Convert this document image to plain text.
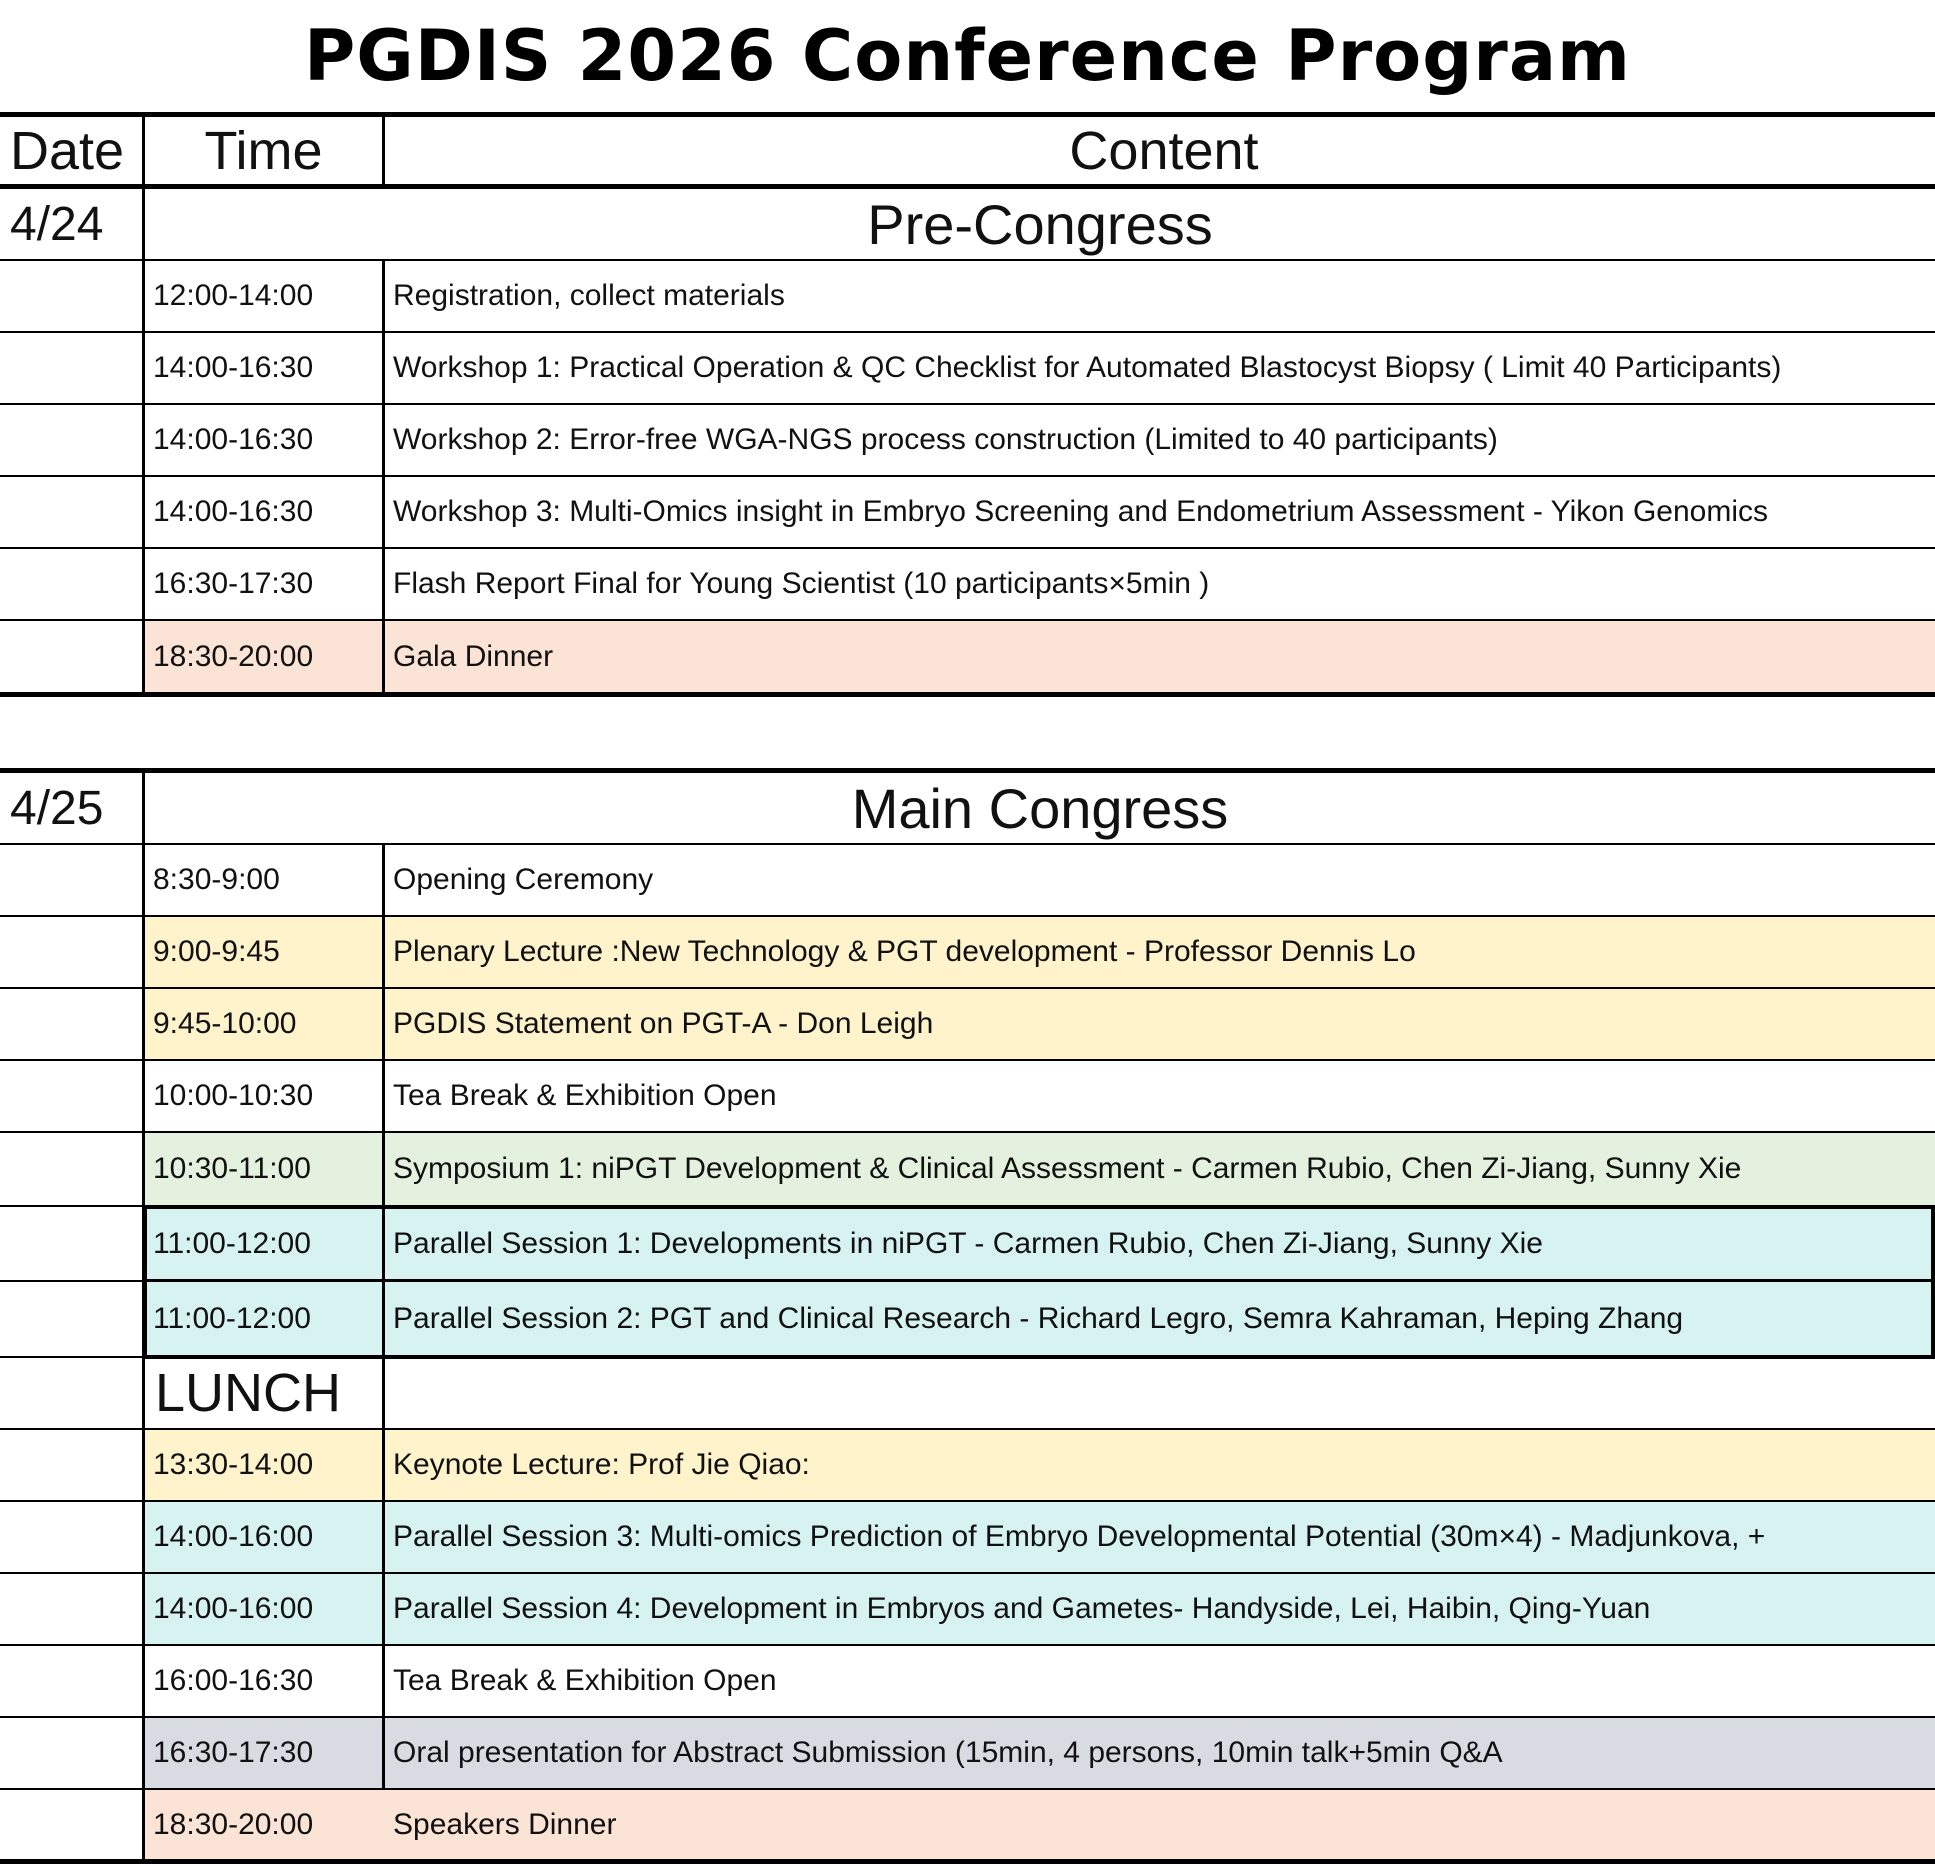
PGDIS 2026 Conference Program
Date	Time	Content
4/24	Pre-Congress
12:00-14:00	Registration, collect materials
14:00-16:30	Workshop 1: Practical Operation & QC Checklist for Automated Blastocyst Biopsy ( Limit 40 Participants)
14:00-16:30	Workshop 2: Error-free WGA-NGS process construction (Limited to 40 participants)
14:00-16:30	Workshop 3: Multi-Omics insight in Embryo Screening and Endometrium Assessment - Yikon Genomics
16:30-17:30	Flash Report Final for Young Scientist (10 participants×5min )
18:30-20:00	Gala Dinner
4/25	Main Congress
8:30-9:00	Opening Ceremony
9:00-9:45	Plenary Lecture :New Technology & PGT development - Professor Dennis Lo
9:45-10:00	PGDIS Statement on PGT-A - Don Leigh
10:00-10:30	Tea Break & Exhibition Open
10:30-11:00	Symposium 1: niPGT Development & Clinical Assessment - Carmen Rubio, Chen Zi-Jiang, Sunny Xie
11:00-12:00	Parallel Session 1: Developments in niPGT - Carmen Rubio, Chen Zi-Jiang, Sunny Xie
11:00-12:00	Parallel Session 2: PGT and Clinical Research - Richard Legro, Semra Kahraman, Heping Zhang
LUNCH
13:30-14:00	Keynote Lecture: Prof Jie Qiao:
14:00-16:00	Parallel Session 3: Multi-omics Prediction of Embryo Developmental Potential (30m×4) - Madjunkova, +
14:00-16:00	Parallel Session 4: Development in Embryos and Gametes- Handyside, Lei, Haibin, Qing-Yuan
16:00-16:30	Tea Break & Exhibition Open
16:30-17:30	Oral presentation for Abstract Submission (15min, 4 persons, 10min talk+5min Q&A
18:30-20:00	Speakers Dinner
